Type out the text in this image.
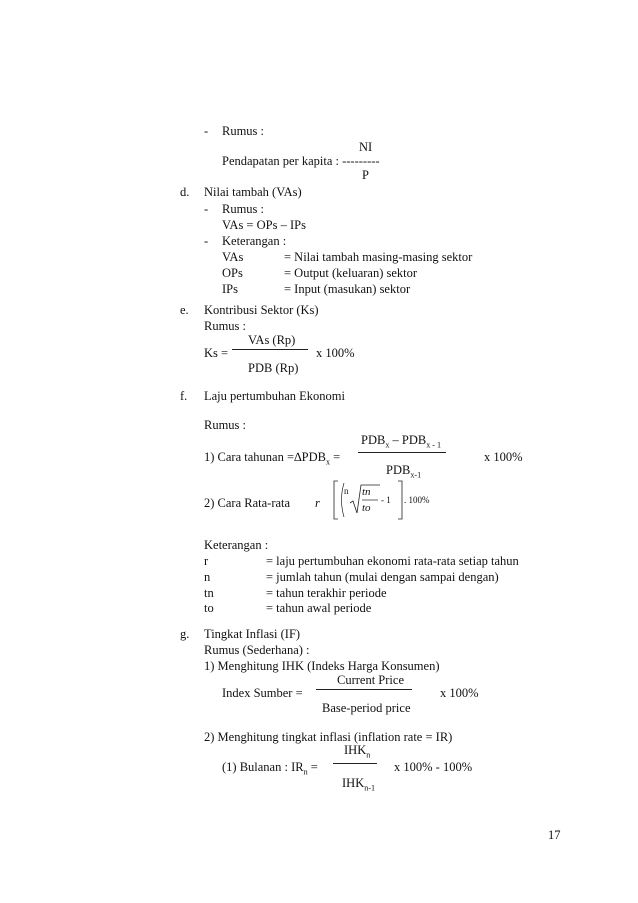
- Rumus :
NI
Pendapatan per kapita : ---------
P
d. Nilai tambah (VAs)
- Rumus :
VAs = OPs – IPs
- Keterangan :
VAs	= Nilai tambah masing-masing sektor
OPs	= Output (keluaran) sektor
IPs	= Input (masukan) sektor
e. Kontribusi Sektor (Ks)
Rumus :
VAs (Rp)
Ks =	x 100%
PDB (Rp)
f. Laju pertumbuhan Ekonomi
Rumus :
$PDB_x - PDB_{x - 1}$
1) Cara tahunan $=\Delta PDB_x$ =	x 100%
$PDB_{x-1}$
2) Cara Rata-rata r
n tn
to
- 1 . 100%
Keterangan :
r	= laju pertumbuhan ekonomi rata-rata setiap tahun
n	= jumlah tahun (mulai dengan sampai dengan)
tn	= tahun terakhir periode
to	= tahun awal periode
g. Tingkat Inflasi (IF)
Rumus (Sederhana) :
1) Menghitung IHK (Indeks Harga Konsumen)
Current Price
Index Sumber =	x 100%
Base-period price
2) Menghitung tingkat inflasi (inflation rate = IR)
$IHK_n$
(1) Bulanan : $IR_n$ =	x 100% - 100%
$IHK_{n-1}$
17
